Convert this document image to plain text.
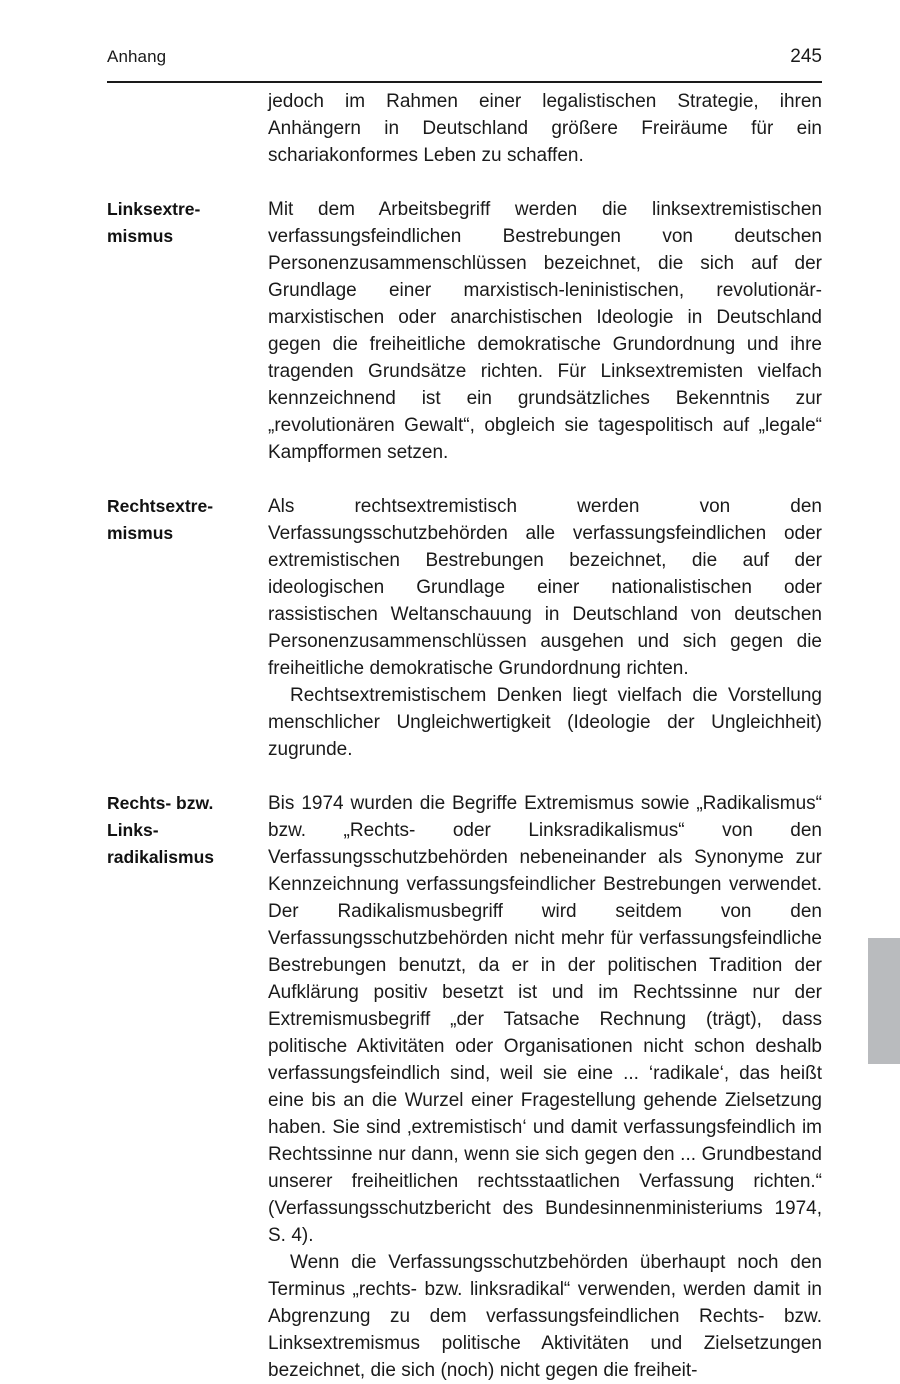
Anhang	245

jedoch im Rahmen einer legalistischen Strategie, ihren Anhängern in Deutschland größere Freiräume für ein schariakonformes Leben zu schaffen.

Linksextre-
mismus

Mit dem Arbeitsbegriff werden die linksextremistischen verfassungsfeindlichen Bestrebungen von deutschen Personenzusammenschlüssen bezeichnet, die sich auf der Grundlage einer marxistisch-leninistischen, revolutionär-marxistischen oder anarchistischen Ideologie in Deutschland gegen die freiheitliche demokratische Grundordnung und ihre tragenden Grundsätze richten. Für Linksextremisten vielfach kennzeichnend ist ein grundsätzliches Bekenntnis zur „revolutionären Gewalt“, obgleich sie tagespolitisch auf „legale“ Kampfformen setzen.

Rechtsextre-
mismus

Als rechtsextremistisch werden von den Verfassungsschutzbehörden alle verfassungsfeindlichen oder extremistischen Bestrebungen bezeichnet, die auf der ideologischen Grundlage einer nationalistischen oder rassistischen Weltanschauung in Deutschland von deutschen Personenzusammenschlüssen ausgehen und sich gegen die freiheitliche demokratische Grundordnung richten.

Rechtsextremistischem Denken liegt vielfach die Vorstellung menschlicher Ungleichwertigkeit (Ideologie der Ungleichheit) zugrunde.

Rechts- bzw.
Links-
radikalismus

Bis 1974 wurden die Begriffe Extremismus sowie „Radikalismus“ bzw. „Rechts- oder Linksradikalismus“ von den Verfassungsschutzbehörden nebeneinander als Synonyme zur Kennzeichnung verfassungsfeindlicher Bestrebungen verwendet. Der Radikalismusbegriff wird seitdem von den Verfassungsschutzbehörden nicht mehr für verfassungsfeindliche Bestrebungen benutzt, da er in der politischen Tradition der Aufklärung positiv besetzt ist und im Rechtssinne nur der Extremismusbegriff „der Tatsache Rechnung (trägt), dass politische Aktivitäten oder Organisationen nicht schon deshalb verfassungsfeindlich sind, weil sie eine ... ‘radikale‘, das heißt eine bis an die Wurzel einer Fragestellung gehende Zielsetzung haben. Sie sind ‚extremistisch‘ und damit verfassungsfeindlich im Rechtssinne nur dann, wenn sie sich gegen den ... Grundbestand unserer freiheitlichen rechtsstaatlichen Verfassung richten.“ (Verfassungsschutzbericht des Bundesinnenministeriums 1974, S. 4).

Wenn die Verfassungsschutzbehörden überhaupt noch den Terminus „rechts- bzw. linksradikal“ verwenden, werden damit in Abgrenzung zu dem verfassungsfeindlichen Rechts- bzw. Linksextremismus politische Aktivitäten und Zielsetzungen bezeichnet, die sich (noch) nicht gegen die freiheit-
